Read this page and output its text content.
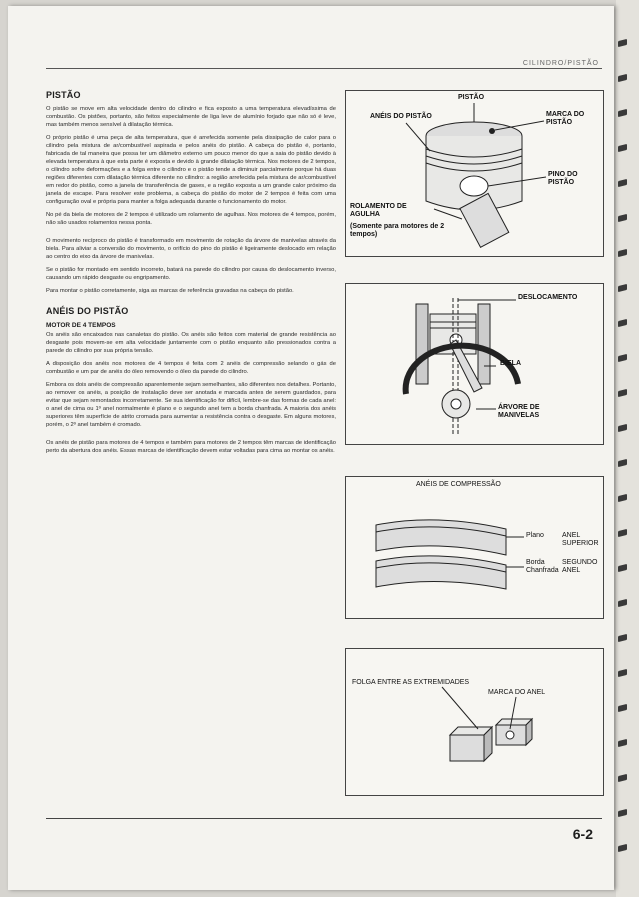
CILINDRO/PISTÃO
PISTÃO

O pistão se move em alta velocidade dentro do cilindro e fica exposto a uma temperatura elevadíssima de combustão. Os pistões, portanto, são feitos especialmente de liga leve de alumínio forjado que não só é leve, mas também menos sensível à dilatação térmica.

O próprio pistão é uma peça de alta temperatura, que é arrefecida somente pela dissipação de calor para o cilindro pela mistura de ar/combustível aspirada e pelos anéis do pistão. A cabeça do pistão é, portanto, fabricada de tal maneira que possa ter um diâmetro externo um pouco menor do que a saia do pistão devido à elevada temperatura à que esta parte é exposta e devido à grande dilatação térmica. Nos motores de 2 tempos, o cilindro sofre deformações e a folga entre o cilindro e o pistão tende a diminuir parcialmente porque há duas regiões diferentes com dilatação térmica diferente no cilindro: a região arrefecida pela mistura de ar/combustível em redor do pistão, como a janela de transferência de gases, e a região exposta a um grande calor próximo da janela de escape. Para resolver este problema, a cabeça do pistão do motor de 2 tempos é feita com uma configuração oval e própria para manter a folga adequada durante o funcionamento do motor.

No pé da biela de motores de 2 tempos é utilizado um rolamento de agulhas. Nos motores de 4 tempos, porém, não são usados rolamentos nessa ponta.

O movimento recíproco do pistão é transformado em movimento de rotação da árvore de manivelas através da biela. Para aliviar a conversão do movimento, o orifício do pino do pistão é ligeiramente deslocado em relação ao centro do eixo da árvore de manivelas.

Se o pistão for montado em sentido incorreto, batará na parede do cilindro por causa do deslocamento inverso, causando um rápido desgaste ou engripamento.

Para montar o pistão corretamente, siga as marcas de referência gravadas na cabeça do pistão.

ANÉIS DO PISTÃO
MOTOR DE 4 TEMPOS

Os anéis são encaixados nas canaletas do pistão. Os anéis são feitos com material de grande resistência ao desgaste pois movem-se em alta velocidade juntamente com o pistão enquanto são pressionados contra a parede do cilindro por sua própria tensão.

A disposição dos anéis nos motores de 4 tempos é feita com 2 anéis de compressão selando o gás de combustão e um par de anéis do óleo removendo o óleo da parede do cilindro.

Embora os dois anéis de compressão aparentemente sejam semelhantes, são diferentes nos detalhes. Portanto, ao remover os anéis, a posição de instalação deve ser anotada e marcada antes de serem guardados, para evitar que sejam remontados incorretamente. Se sua identificação for difícil, lembre-se das formas de cada anel: o anel de cima ou 1º anel normalmente é plano e o segundo anel tem a borda chanfrada. A maioria dos anéis superiores têm superfície de atrito cromada para aumentar a resistência contra o desgaste. Em alguns motores, porém, o 2º anel também é cromado.

Os anéis de pistão para motores de 4 tempos e também para motores de 2 tempos têm marcas de identificação perto da abertura dos anéis. Essas marcas de identificação devem estar voltadas para cima ao montar os anéis.

PISTÃO
ANÉIS DO PISTÃO	MARCA DO PISTÃO
PINO DO PISTÃO
ROLAMENTO DE AGULHA
(Somente para motores de 2 tempos)
DESLOCAMENTO
BIELA
ÁRVORE DE MANIVELAS
ANÉIS DE COMPRESSÃO
Plano
Borda Chanfrada
ANEL SUPERIOR
SEGUNDO ANEL
FOLGA ENTRE AS EXTREMIDADES
MARCA DO ANEL
6-2
